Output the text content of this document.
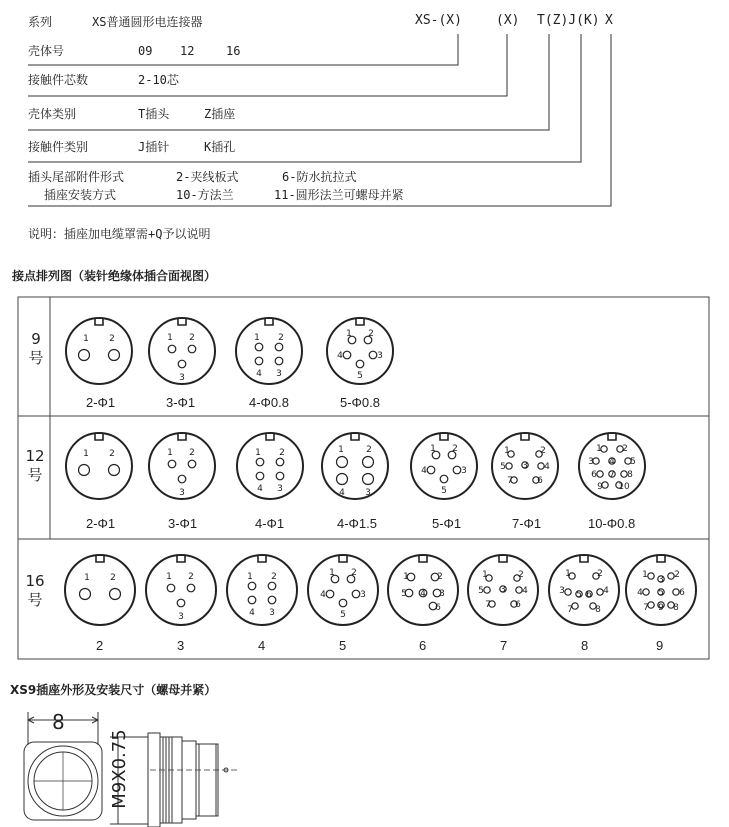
XS-(X)	(X) T(Z)J(K) X
系列	XS普通圆形电连接器
壳体号	09 12	16
接触件芯数	2-10芯
壳体类别	T插头	Z插座
接触件类别	J插针	K插孔
插头尾部附件形式	2-夹线板式	6-防水抗拉式
插座安装方式	10-方法兰	11-圆形法兰可螺母并紧
说明：插座加电缆罩需+Q予以说明
接点排列图（装针绝缘体插合面视图）
9号
12号
16号
1 2	1 2
3
1 2
3
4
1 2
3
4
5
1 2	1 2
3
1 2
3
4
1 2
3
4
1 2
3
4
5
1	2
3 4
5
6
7
1 2
3 4 5
6 7 8
9 10
1 2	1 2
3
1 2
3
4
1 2
3
4
5
1	2
3
4
5
6
1	2
3 4
5
6
7
1	2
3	4
5 6
7 8
1	2
3
4 5 6
7	8
9
2-Φ1	3-Φ1	4-Φ0.8	5-Φ0.8
2-Φ1	3-Φ1	4-Φ1	4-Φ1.5	5-Φ1	7-Φ1	10-Φ0.8
2	3	4	5	6	7	8	9
XS9插座外形及安装尺寸（螺母并紧）
8
M9X0.75
